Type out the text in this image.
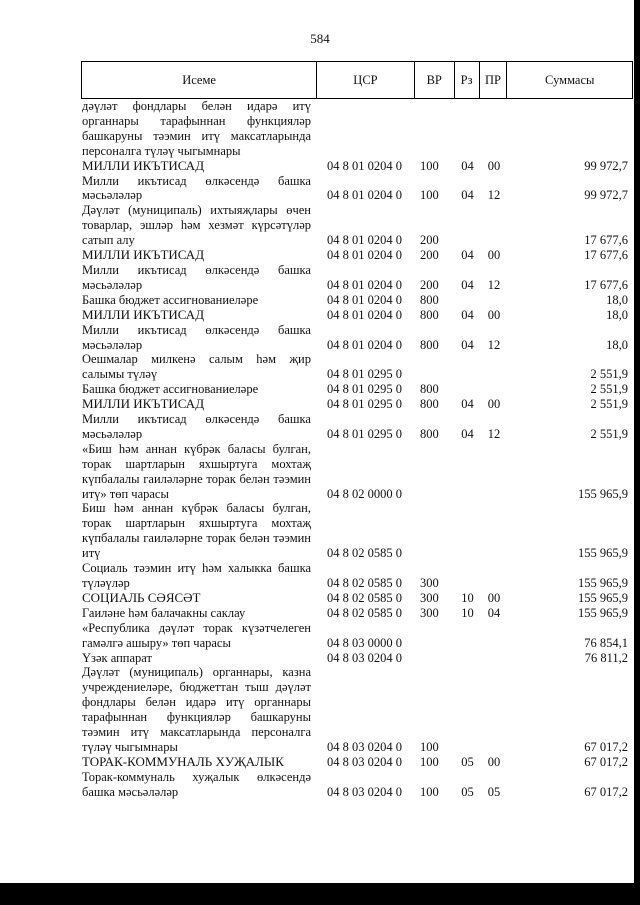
584
Исеме	ЦСР	ВР	Рз ПР	Суммасы
дәүләт фондлары белән идарә итү органнары тарафыннан функцияләр башкаруны тәэмин итү максатларында персоналга түләү чыгымнары
МИЛЛИ ИКЪТИСАД	04 8 01 0204 0	100	04	00	99 972,7
Милли икътисад өлкәсендә башка мәсьәләләр	04 8 01 0204 0	100	04	12	99 972,7
Дәүләт (муниципаль) ихтыяҗлары өчен товарлар, эшләр һәм хезмәт күрсәтүләр сатып алу	04 8 01 0204 0	200	17 677,6
МИЛЛИ ИКЪТИСАД	04 8 01 0204 0	200	04	00	17 677,6
Милли икътисад өлкәсендә башка мәсьәләләр	04 8 01 0204 0	200	04	12	17 677,6
Башка бюджет ассигнованиеләре	04 8 01 0204 0	800	18,0
МИЛЛИ ИКЪТИСАД	04 8 01 0204 0	800	04	00	18,0
Милли икътисад өлкәсендә башка мәсьәләләр	04 8 01 0204 0	800	04	12	18,0
Оешмалар милкенә салым һәм җир салымы түләү	04 8 01 0295 0	2 551,9
Башка бюджет ассигнованиеләре	04 8 01 0295 0	800	2 551,9
МИЛЛИ ИКЪТИСАД	04 8 01 0295 0	800	04	00	2 551,9
Милли икътисад өлкәсендә башка мәсьәләләр	04 8 01 0295 0	800	04	12	2 551,9
«Биш һәм аннан күбрәк баласы булган, торак шартларын яхшыртуга мохтаҗ күпбалалы гаиләләрне торак белән тәэмин итү» төп чарасы	04 8 02 0000 0	155 965,9
Биш һәм аннан күбрәк баласы булган, торак шартларын яхшыртуга мохтаҗ күпбалалы гаиләләрне торак белән тәэмин итү	04 8 02 0585 0	155 965,9
Социаль тәэмин итү һәм халыкка башка түләүләр	04 8 02 0585 0	300	155 965,9
СОЦИАЛЬ СӘЯСӘТ	04 8 02 0585 0	300	10	00	155 965,9
Гаиләне һәм балачакны саклау	04 8 02 0585 0	300	10	04	155 965,9
«Республика дәүләт торак күзәтчелеген гамәлгә ашыру» төп чарасы	04 8 03 0000 0	76 854,1
Үзәк аппарат	04 8 03 0204 0	76 811,2
Дәүләт (муниципаль) органнары, казна учреждениеләре, бюджеттан тыш дәүләт фондлары белән идарә итү органнары тарафыннан функцияләр башкаруны тәэмин итү максатларында персоналга түләү чыгымнары	04 8 03 0204 0	100	67 017,2
ТОРАК-КОММУНАЛЬ ХУҖАЛЫК	04 8 03 0204 0	100	05	00	67 017,2
Торак-коммуналь хуҗалык өлкәсендә башка мәсьәләләр	04 8 03 0204 0	100	05	05	67 017,2
